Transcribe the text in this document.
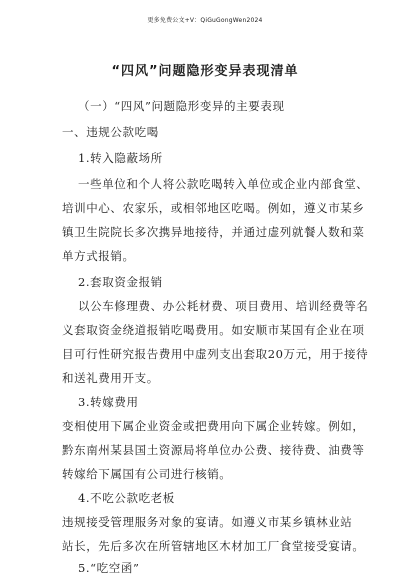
更多免费公文+V：QiGuGongWen2024
“四风”问题隐形变异表现清单
（一）“四风”问题隐形变异的主要表现
一、违规公款吃喝
1.转入隐蔽场所
一些单位和个人将公款吃喝转入单位或企业内部食堂、
培训中心、农家乐，或相邻地区吃喝。例如，遵义市某乡
镇卫生院院长多次携异地接待，并通过虚列就餐人数和菜
单方式报销。
2.套取资金报销
以公车修理费、办公耗材费、项目费用、培训经费等名
义套取资金绕道报销吃喝费用。如安顺市某国有企业在项
目可行性研究报告费用中虚列支出套取20万元，用于接待
和送礼费用开支。
3.转嫁费用
变相使用下属企业资金或把费用向下属企业转嫁。例如，
黔东南州某县国土资源局将单位办公费、接待费、油费等
转嫁给下属国有公司进行核销。
4.不吃公款吃老板
违规接受管理服务对象的宴请。如遵义市某乡镇林业站
站长，先后多次在所管辖地区木材加工厂食堂接受宴请。
5.“吃空函”
